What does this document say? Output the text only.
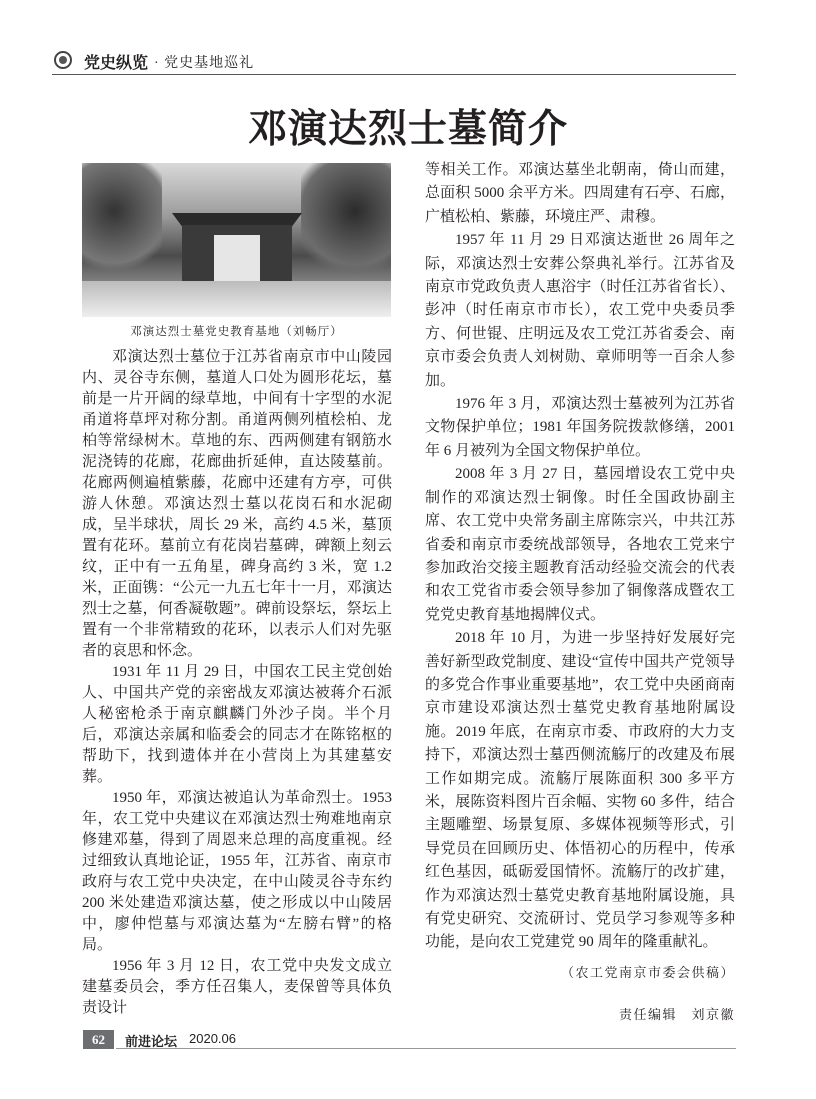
党史纵览 · 党史基地巡礼
邓演达烈士墓简介
邓演达烈士墓党史教育基地（刘畅厅）

邓演达烈士墓位于江苏省南京市中山陵园内、灵谷寺东侧，墓道人口处为圆形花坛，墓前是一片开阔的绿草地，中间有十字型的水泥甬道将草坪对称分割。甬道两侧列植桧柏、龙柏等常绿树木。草地的东、西两侧建有钢筋水泥浇铸的花廊，花廊曲折延伸，直达陵墓前。花廊两侧遍植紫藤，花廊中还建有方亭，可供游人休憩。邓演达烈士墓以花岗石和水泥砌成，呈半球状，周长 29 米，高约 4.5 米，墓顶置有花环。墓前立有花岗岩墓碑，碑额上刻云纹，正中有一五角星，碑身高约 3 米，宽 1.2 米，正面镌：“公元一九五七年十一月，邓演达烈士之墓，何香凝敬题”。碑前设祭坛，祭坛上置有一个非常精致的花环，以表示人们对先驱者的哀思和怀念。

1931 年 11 月 29 日，中国农工民主党创始人、中国共产党的亲密战友邓演达被蒋介石派人秘密枪杀于南京麒麟门外沙子岗。半个月后，邓演达亲属和临委会的同志才在陈铭枢的帮助下，找到遗体并在小营岗上为其建墓安葬。

1950 年，邓演达被追认为革命烈士。1953 年，农工党中央建议在邓演达烈士殉难地南京修建邓墓，得到了周恩来总理的高度重视。经过细致认真地论证，1955 年，江苏省、南京市政府与农工党中央决定，在中山陵灵谷寺东约 200 米处建造邓演达墓，使之形成以中山陵居中，廖仲恺墓与邓演达墓为“左膀右臂”的格局。

1956 年 3 月 12 日，农工党中央发文成立建墓委员会，季方任召集人，麦保曾等具体负责设计

等相关工作。邓演达墓坐北朝南，倚山而建，总面积 5000 余平方米。四周建有石亭、石廊，广植松柏、紫藤，环境庄严、肃穆。

1957 年 11 月 29 日邓演达逝世 26 周年之际，邓演达烈士安葬公祭典礼举行。江苏省及南京市党政负责人惠浴宇（时任江苏省省长）、彭冲（时任南京市市长），农工党中央委员季方、何世锟、庄明远及农工党江苏省委会、南京市委会负责人刘树勋、章师明等一百余人参加。

1976 年 3 月，邓演达烈士墓被列为江苏省文物保护单位；1981 年国务院拨款修缮，2001 年 6 月被列为全国文物保护单位。

2008 年 3 月 27 日，墓园增设农工党中央制作的邓演达烈士铜像。时任全国政协副主席、农工党中央常务副主席陈宗兴，中共江苏省委和南京市委统战部领导，各地农工党来宁参加政治交接主题教育活动经验交流会的代表和农工党省市委会领导参加了铜像落成暨农工党党史教育基地揭牌仪式。

2018 年 10 月，为进一步坚持好发展好完善好新型政党制度、建设“宣传中国共产党领导的多党合作事业重要基地”，农工党中央函商南京市建设邓演达烈士墓党史教育基地附属设施。2019 年底，在南京市委、市政府的大力支持下，邓演达烈士墓西侧流觞厅的改建及布展工作如期完成。流觞厅展陈面积 300 多平方米，展陈资料图片百余幅、实物 60 多件，结合主题雕塑、场景复原、多媒体视频等形式，引导党员在回顾历史、体悟初心的历程中，传承红色基因，砥砺爱国情怀。流觞厅的改扩建，作为邓演达烈士墓党史教育基地附属设施，具有党史研究、交流研讨、党员学习参观等多种功能，是向农工党建党 90 周年的隆重献礼。

（农工党南京市委会供稿）
责任编辑　刘京徽
62	前进论坛 2020.06
